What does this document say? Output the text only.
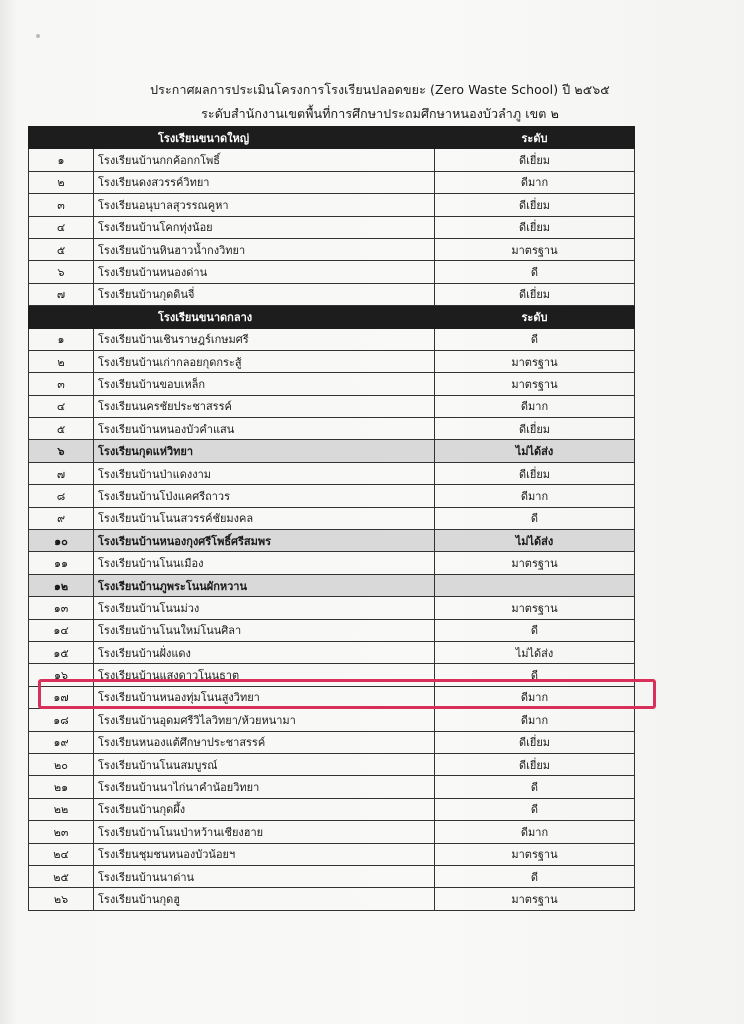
ประกาศผลการประเมินโครงการโรงเรียนปลอดขยะ (Zero Waste School) ปี ๒๕๖๕
ระดับสำนักงานเขตพื้นที่การศึกษาประถมศึกษาหนองบัวลำภู เขต ๒
	โรงเรียนขนาดใหญ่	ระดับ
๑	โรงเรียนบ้านกกค้อกกโพธิ์	ดีเยี่ยม
๒	โรงเรียนดงสวรรค์วิทยา	ดีมาก
๓	โรงเรียนอนุบาลสุวรรณคูหา	ดีเยี่ยม
๔	โรงเรียนบ้านโคกทุ่งน้อย	ดีเยี่ยม
๕	โรงเรียนบ้านหินฮาวน้ำกงวิทยา	มาตรฐาน
๖	โรงเรียนบ้านหนองด่าน	ดี
๗	โรงเรียนบ้านกุดดินจี่	ดีเยี่ยม
	โรงเรียนขนาดกลาง	ระดับ
๑	โรงเรียนบ้านเชินราษฎร์เกษมศรี	ดี
๒	โรงเรียนบ้านเก่ากลอยกุดกระสู้	มาตรฐาน
๓	โรงเรียนบ้านขอบเหล็ก	มาตรฐาน
๔	โรงเรียนนครชัยประชาสรรค์	ดีมาก
๕	โรงเรียนบ้านหนองบัวคำแสน	ดีเยี่ยม
๖	โรงเรียนกุดแห่วิทยา	ไม่ได้ส่ง
๗	โรงเรียนบ้านป่าแดงงาม	ดีเยี่ยม
๘	โรงเรียนบ้านโป่งแคศรีถาวร	ดีมาก
๙	โรงเรียนบ้านโนนสวรรค์ชัยมงคล	ดี
๑๐	โรงเรียนบ้านหนองกุงศรีโพธิ์ศรีสมพร	ไม่ได้ส่ง
๑๑	โรงเรียนบ้านโนนเมือง	มาตรฐาน
๑๒	โรงเรียนบ้านภูพระโนนผักหวาน	
๑๓	โรงเรียนบ้านโนนม่วง	มาตรฐาน
๑๔	โรงเรียนบ้านโนนใหม่โนนศิลา	ดี
๑๕	โรงเรียนบ้านฝั่งแดง	ไม่ได้ส่ง
๑๖	โรงเรียนบ้านแสงดาวโนนธาตุ	ดี
๑๗	โรงเรียนบ้านหนองทุ่มโนนสูงวิทยา	ดีมาก
๑๘	โรงเรียนบ้านอุดมศรีวิไลวิทยา/ห้วยหนามา	ดีมาก
๑๙	โรงเรียนหนองแต้ศึกษาประชาสรรค์	ดีเยี่ยม
๒๐	โรงเรียนบ้านโนนสมบูรณ์	ดีเยี่ยม
๒๑	โรงเรียนบ้านนาไก่นาคำน้อยวิทยา	ดี
๒๒	โรงเรียนบ้านกุดผึ้ง	ดี
๒๓	โรงเรียนบ้านโนนป่าหว้านเชียงฮาย	ดีมาก
๒๔	โรงเรียนชุมชนหนองบัวน้อยฯ	มาตรฐาน
๒๕	โรงเรียนบ้านนาด่าน	ดี
๒๖	โรงเรียนบ้านกุดฮู	มาตรฐาน
